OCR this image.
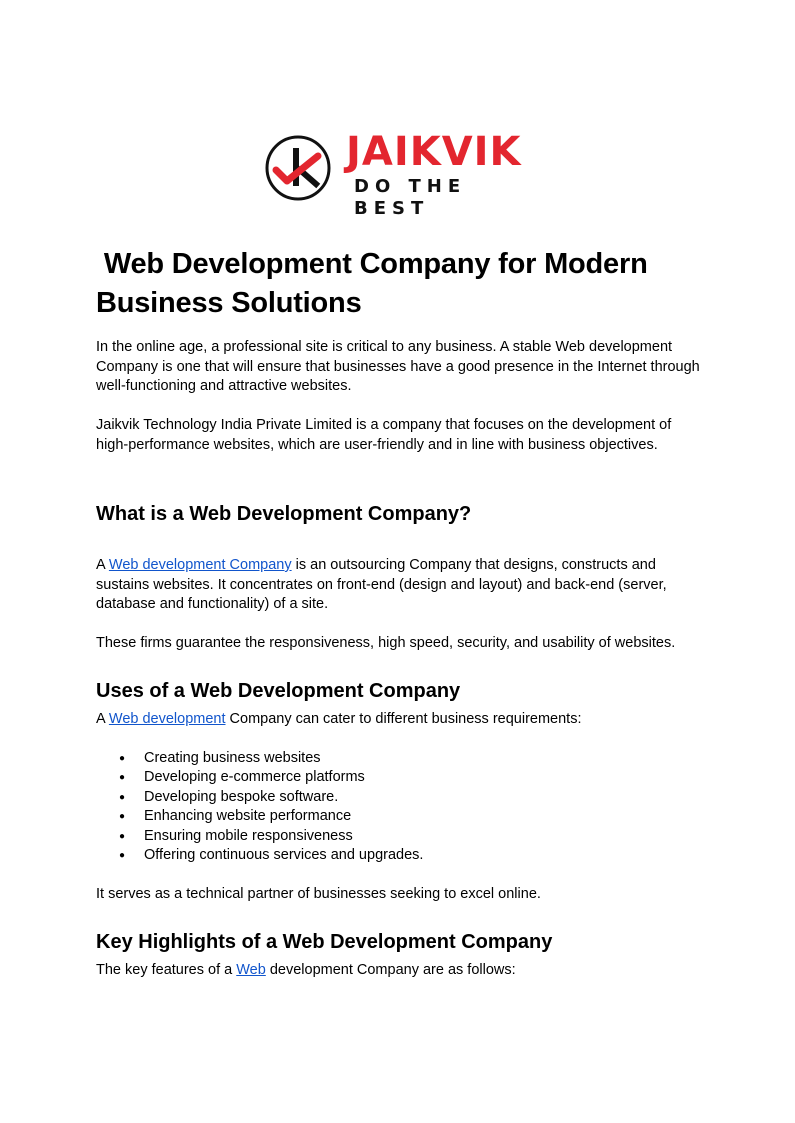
JAIKVIK
DO THE BEST
Web Development Company for Modern Business Solutions

In the online age, a professional site is critical to any business. A stable Web development Company is one that will ensure that businesses have a good presence in the Internet through well-functioning and attractive websites.

Jaikvik Technology India Private Limited is a company that focuses on the development of high-performance websites, which are user-friendly and in line with business objectives.

What is a Web Development Company?

A Web development Company is an outsourcing Company that designs, constructs and sustains websites. It concentrates on front-end (design and layout) and back-end (server, database and functionality) of a site.

These firms guarantee the responsiveness, high speed, security, and usability of websites.

Uses of a Web Development Company

A Web development Company can cater to different business requirements:

● Creating business websites
● Developing e-commerce platforms
● Developing bespoke software.
● Enhancing website performance
● Ensuring mobile responsiveness
● Offering continuous services and upgrades.

It serves as a technical partner of businesses seeking to excel online.

Key Highlights of a Web Development Company

The key features of a Web development Company are as follows:
